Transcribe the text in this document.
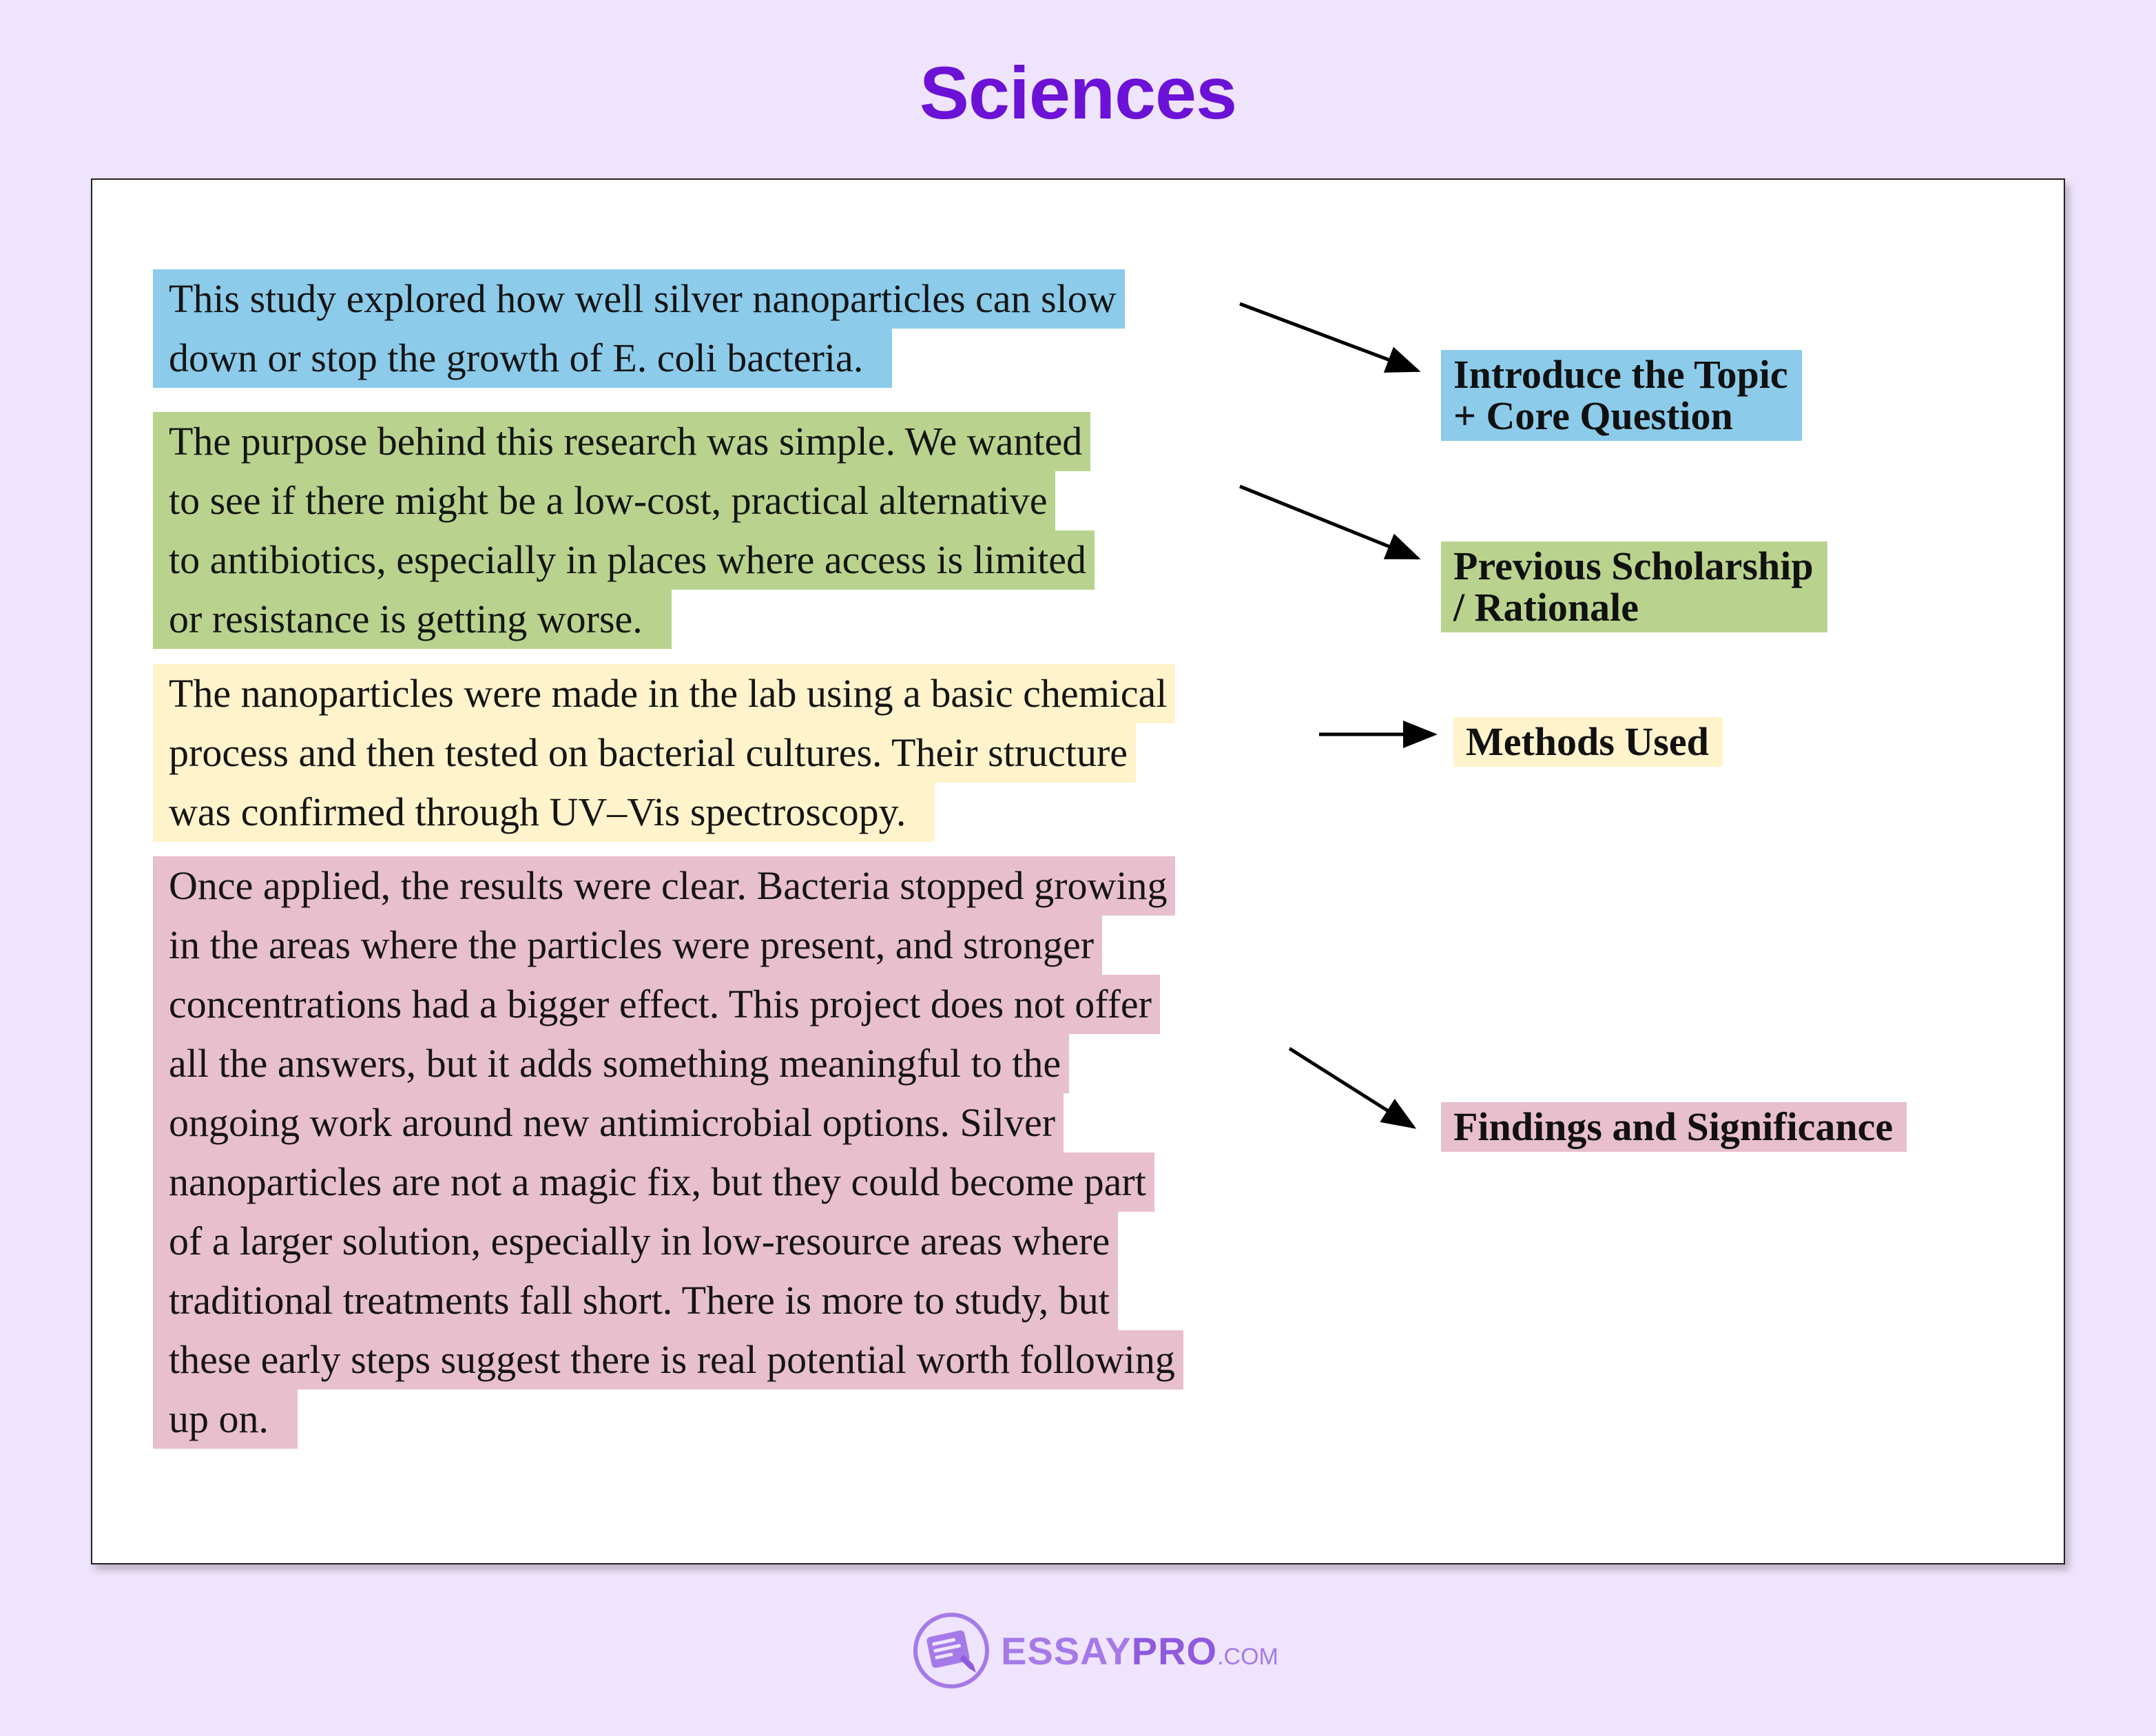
Sciences
This study explored how well silver nanoparticles can slow
down or stop the growth of E. coli bacteria.
The purpose behind this research was simple. We wanted
to see if there might be a low-cost, practical alternative
to antibiotics, especially in places where access is limited
or resistance is getting worse.
The nanoparticles were made in the lab using a basic chemical
process and then tested on bacterial cultures. Their structure
was confirmed through UV–Vis spectroscopy.
Once applied, the results were clear. Bacteria stopped growing
in the areas where the particles were present, and stronger
concentrations had a bigger effect. This project does not offer
all the answers, but it adds something meaningful to the
ongoing work around new antimicrobial options. Silver
nanoparticles are not a magic fix, but they could become part
of a larger solution, especially in low-resource areas where
traditional treatments fall short. There is more to study, but
these early steps suggest there is real potential worth following
up on.
Introduce the Topic
+ Core Question
Previous Scholarship
/ Rationale
Methods Used
Findings and Significance
ESSAYPRO.COM
